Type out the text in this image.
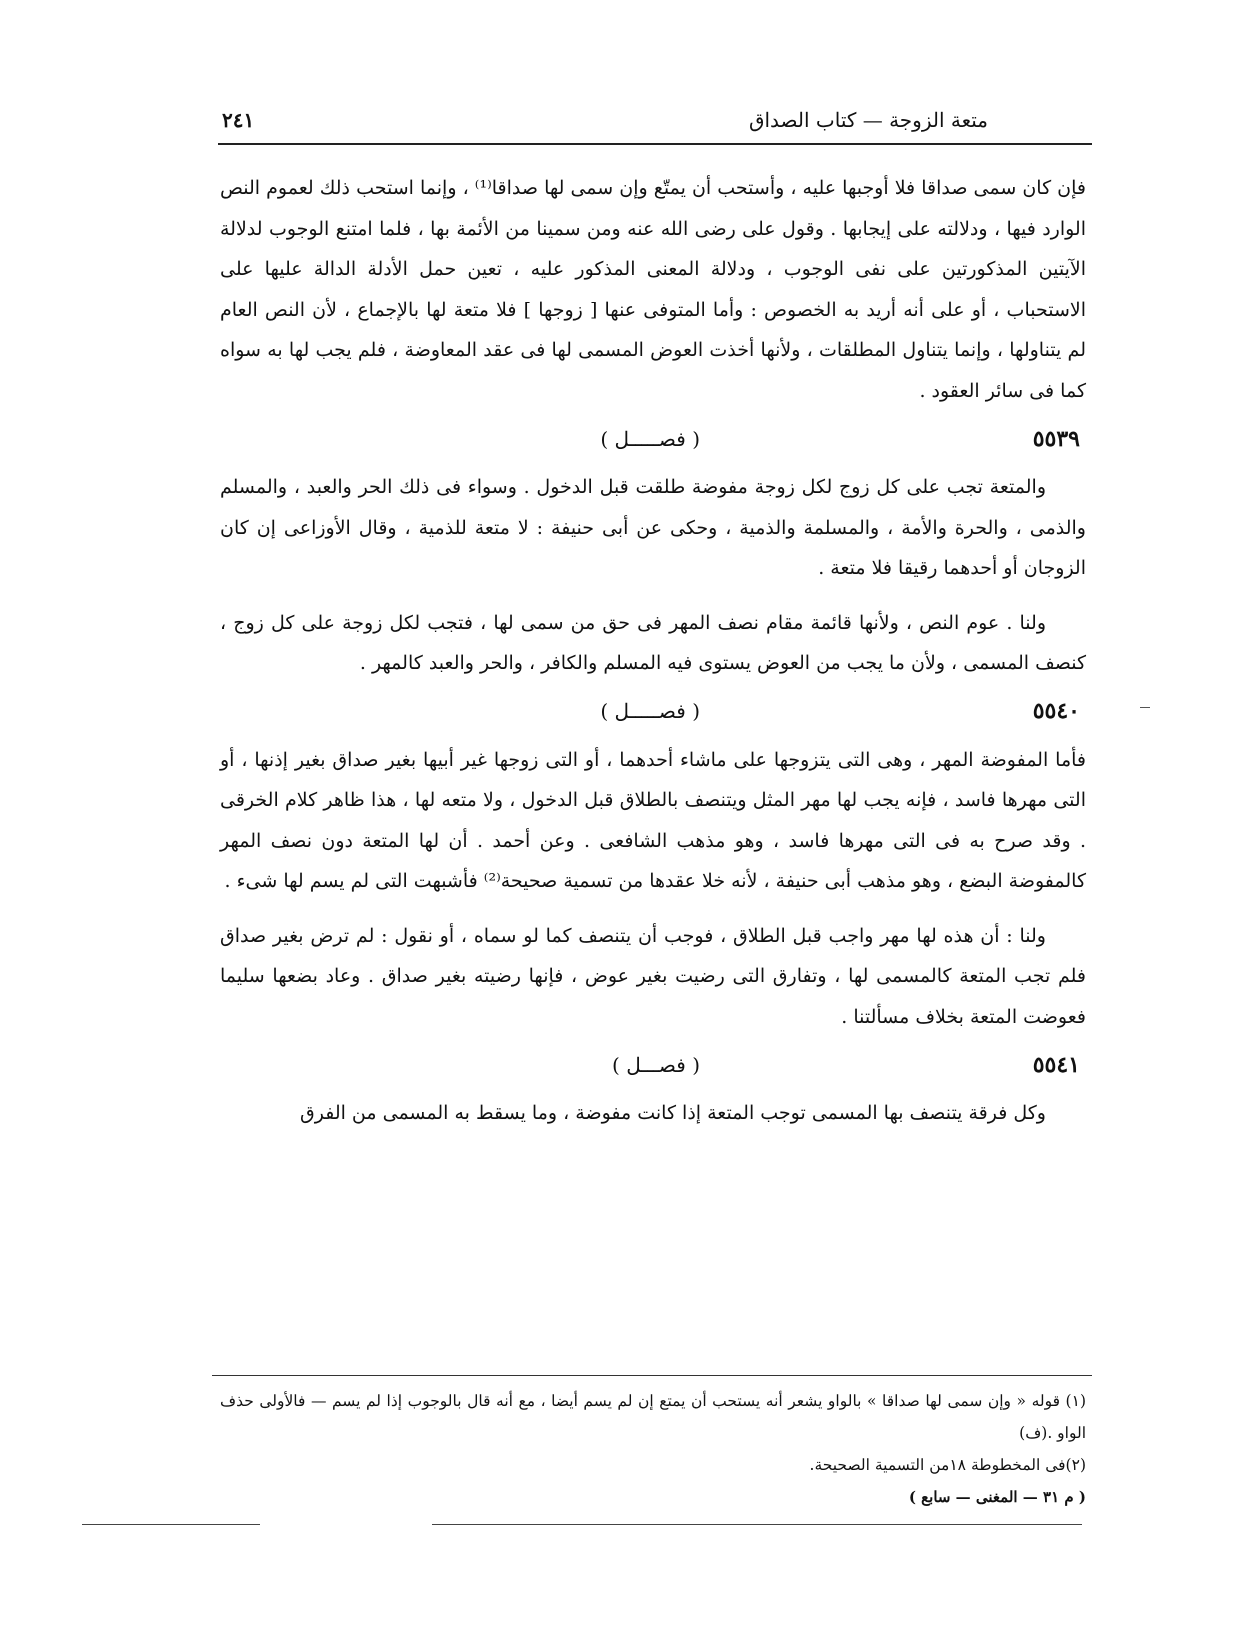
متعة الزوجة — كتاب الصداق
٢٤١

فإن كان سمى صداقا فلا أوجبها عليه ، وأستحب أن يمتّع وإن سمى لها صداقا⁽¹⁾ ، وإنما استحب ذلك لعموم النص الوارد فيها ، ودلالته على إيجابها . وقول على رضى الله عنه ومن سمينا من الأئمة بها ، فلما امتنع الوجوب لدلالة الآيتين المذكورتين على نفى الوجوب ، ودلالة المعنى المذكور عليه ، تعين حمل الأدلة الدالة عليها على الاستحباب ، أو على أنه أريد به الخصوص : وأما المتوفى عنها [ زوجها ] فلا متعة لها بالإجماع ، لأن النص العام لم يتناولها ، وإنما يتناول المطلقات ، ولأنها أخذت العوض المسمى لها فى عقد المعاوضة ، فلم يجب لها به سواه كما فى سائر العقود .

٥٥٣٩
( فصـــــل )

والمتعة تجب على كل زوج لكل زوجة مفوضة طلقت قبل الدخول . وسواء فى ذلك الحر والعبد ، والمسلم والذمى ، والحرة والأمة ، والمسلمة والذمية ، وحكى عن أبى حنيفة : لا متعة للذمية ، وقال الأوزاعى إن كان الزوجان أو أحدهما رقيقا فلا متعة .

ولنا . عوم النص ، ولأنها قائمة مقام نصف المهر فى حق من سمى لها ، فتجب لكل زوجة على كل زوج ، كنصف المسمى ، ولأن ما يجب من العوض يستوى فيه المسلم والكافر ، والحر والعبد كالمهر .

٥٥٤٠
( فصـــــل )

فأما المفوضة المهر ، وهى التى يتزوجها على ماشاء أحدهما ، أو التى زوجها غير أبيها بغير صداق بغير إذنها ، أو التى مهرها فاسد ، فإنه يجب لها مهر المثل ويتنصف بالطلاق قبل الدخول ، ولا متعه لها ، هذا ظاهر كلام الخرقى . وقد صرح به فى التى مهرها فاسد ، وهو مذهب الشافعى . وعن أحمد . أن لها المتعة دون نصف المهر كالمفوضة البضع ، وهو مذهب أبى حنيفة ، لأنه خلا عقدها من تسمية صحيحة⁽²⁾ فأشبهت التى لم يسم لها شىء .

ولنا : أن هذه لها مهر واجب قبل الطلاق ، فوجب أن يتنصف كما لو سماه ، أو نقول : لم ترض بغير صداق فلم تجب المتعة كالمسمى لها ، وتفارق التى رضيت بغير عوض ، فإنها رضيته بغير صداق . وعاد بضعها سليما فعوضت المتعة بخلاف مسألتنا .

٥٥٤١
( فصـــل )

وكل فرقة يتنصف بها المسمى توجب المتعة إذا كانت مفوضة ، وما يسقط به المسمى من الفرق

(١) قوله « وإن سمى لها صداقا » بالواو يشعر أنه يستحب أن يمتع إن لم يسم أيضا ، مع أنه قال بالوجوب إذا لم يسم — فالأولى حذف الواو .(ف)

(٢)فى المخطوطة ١٨من التسمية الصحيحة.

( م ٣١ — المغنى — سابع )
